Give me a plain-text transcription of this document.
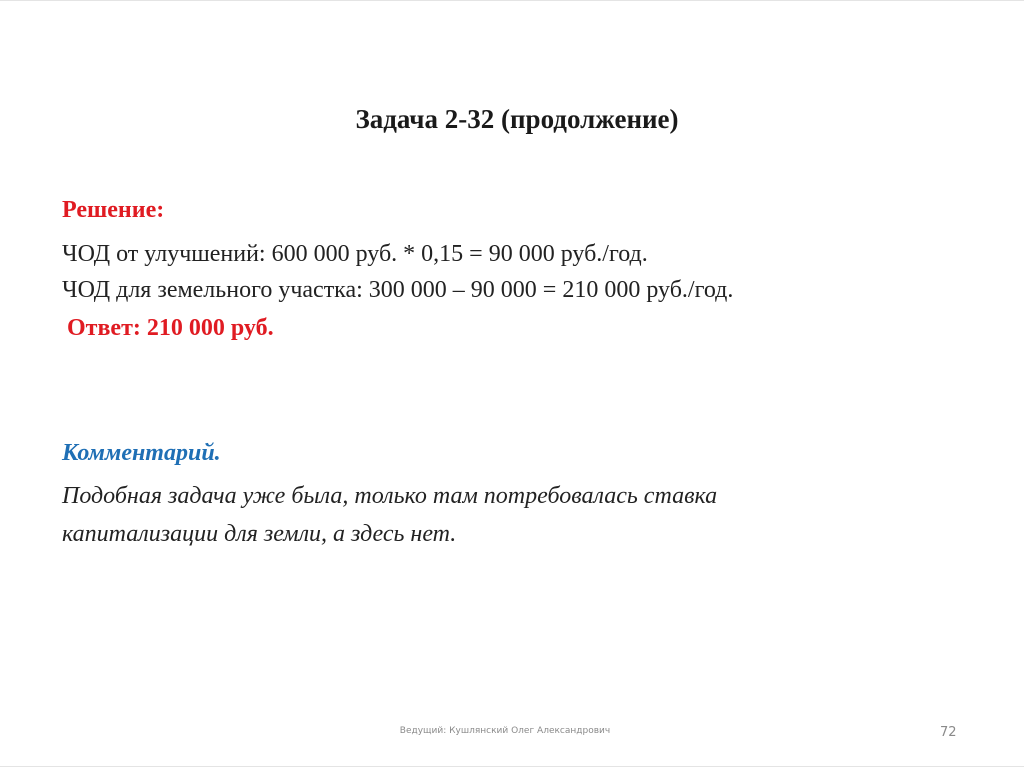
Задача 2-32 (продолжение)
Решение:

ЧОД от улучшений: 600 000 руб. * 0,15 = 90 000 руб./год.

ЧОД для земельного участка: 300 000 – 90 000 = 210 000 руб./год.

Ответ: 210 000 руб.

Комментарий.
Подобная задача уже была, только там потребовалась ставка
капитализации для земли, а здесь нет.
Ведущий: Кушлянский Олег Александрович	72
